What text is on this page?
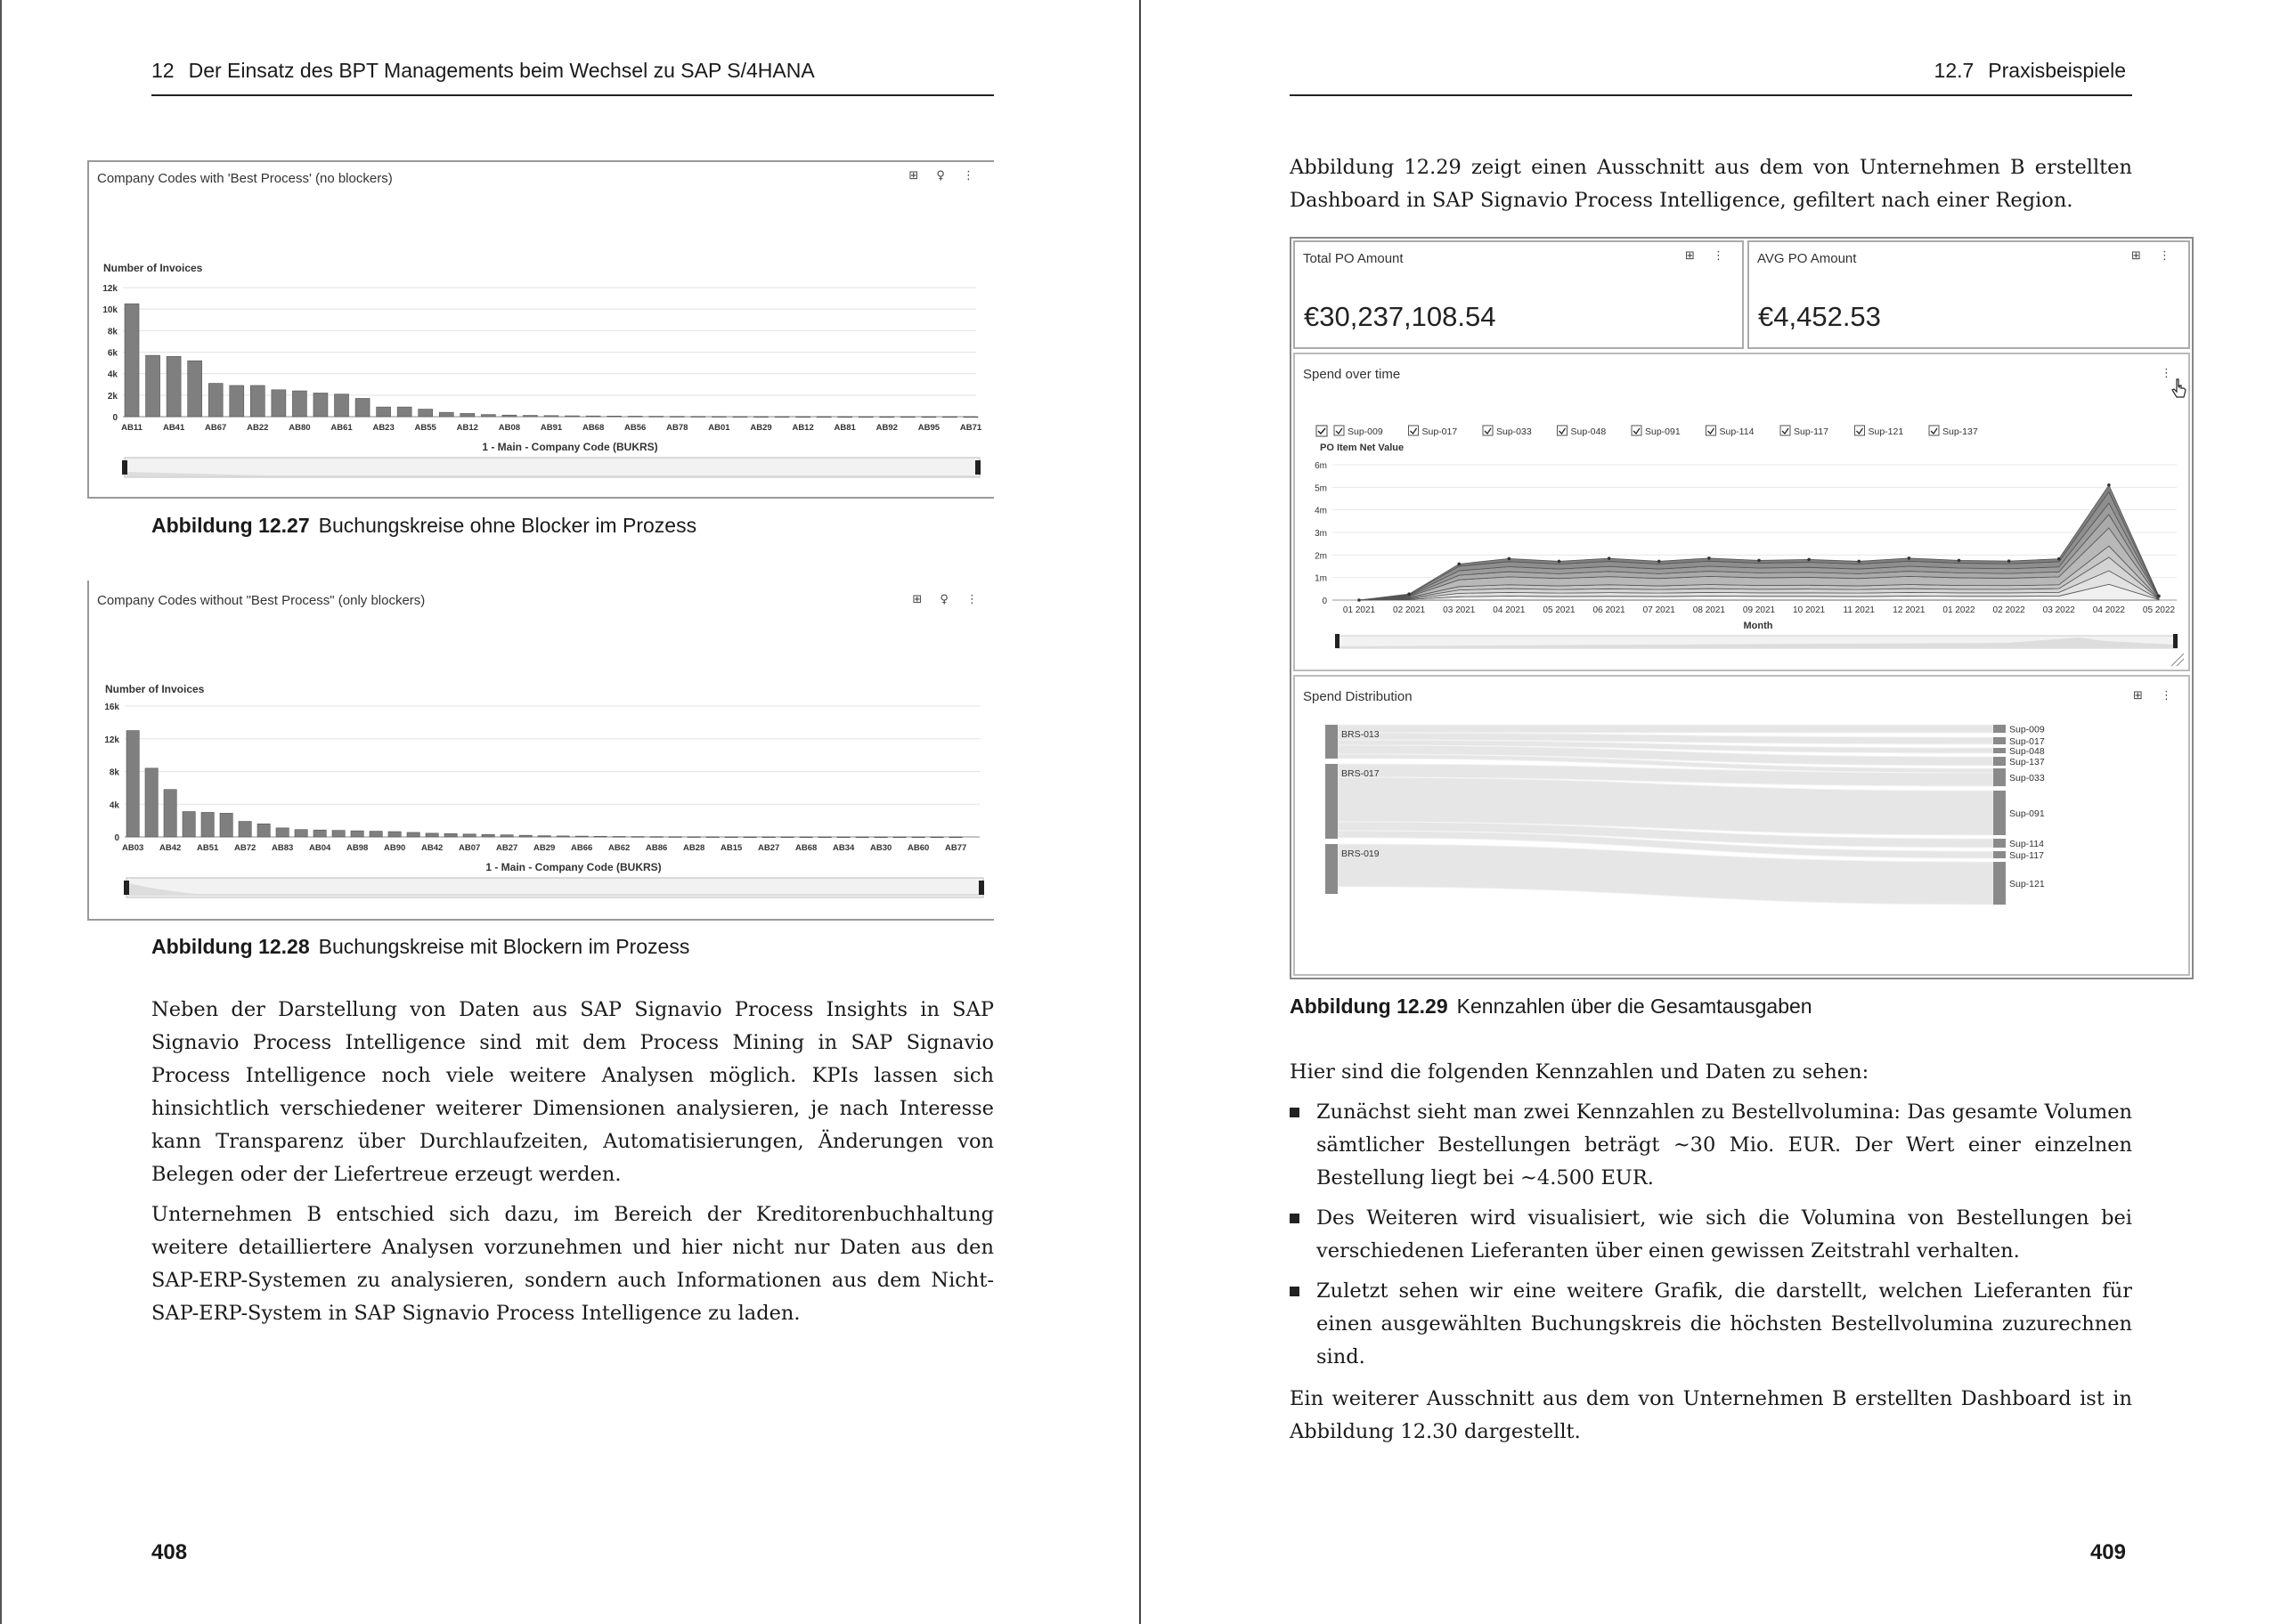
12 Der Einsatz des BPT Managements beim Wechsel zu SAP S/4HANA
Company Codes with 'Best Process' (no blockers)	⊞ ♀ ⋮
Number of Invoices
1 - Main - Company Code (BUKRS)
0
2k
4k
6k
8k
10k
12k
AB11 AB41 AB67 AB22 AB80 AB61 AB23 AB55 AB12 AB08 AB91 AB68 AB56 AB78 AB01 AB29 AB12 AB81 AB92 AB95 AB71
Abbildung 12.27 Buchungskreise ohne Blocker im Prozess
Company Codes without "Best Process" (only blockers)	⊞ ♀ ⋮
Number of Invoices
1 - Main - Company Code (BUKRS)
0
4k
8k
12k
16k
AB03 AB42 AB51 AB72 AB83 AB04 AB98 AB90 AB42 AB07 AB27 AB29 AB66 AB62 AB86 AB28 AB15 AB27 AB68 AB34 AB30 AB60 AB77
Abbildung 12.28 Buchungskreise mit Blockern im Prozess

Neben der Darstellung von Daten aus SAP Signavio Process Insights in SAP Signavio Process Intelligence sind mit dem Process Mining in SAP Signavio Process Intelligence noch viele weitere Analysen möglich. KPIs lassen sich hinsichtlich verschiedener weiterer Dimensionen analysieren, je nach Interesse kann Transparenz über Durchlaufzeiten, Automatisierungen, Änderungen von Belegen oder der Liefertreue erzeugt werden.

Unternehmen B entschied sich dazu, im Bereich der Kreditorenbuchhaltung weitere detailliertere Analysen vorzunehmen und hier nicht nur Daten aus den SAP-ERP-Systemen zu analysieren, sondern auch Informationen aus dem Nicht-SAP-ERP-System in SAP Signavio Process Intelligence zu laden.

408
12.7 Praxisbeispiele

Abbildung 12.29 zeigt einen Ausschnitt aus dem von Unternehmen B erstellten Dashboard in SAP Signavio Process Intelligence, gefiltert nach einer Region.

Total PO Amount	⊞ ⋮
€30,237,108.54
AVG PO Amount	⊞ ⋮
€4,452.53
Spend over time	⋮
Sup-009	Sup-017	Sup-033	Sup-048	Sup-091	Sup-114	Sup-117	Sup-121	Sup-137
PO Item Net Value
0
1m
2m
3m
4m
5m
6m
01 2021 02 2021 03 2021 04 2021 05 2021 06 2021 07 2021 08 2021 09 2021 10 2021 11 2021 12 2021 01 2022 02 2022 03 2022 04 2022 05 2022
Month
Spend Distribution	⊞ ⋮
BRS-013
BRS-017
BRS-019
Sup-009
Sup-017
Sup-048
Sup-137
Sup-033
Sup-091
Sup-114
Sup-117
Sup-121
Abbildung 12.29 Kennzahlen über die Gesamtausgaben

Hier sind die folgenden Kennzahlen und Daten zu sehen:

Zunächst sieht man zwei Kennzahlen zu Bestellvolumina: Das gesamte Volumen sämtlicher Bestellungen beträgt ~30 Mio. EUR. Der Wert einer einzelnen Bestellung liegt bei ~4.500 EUR.
Des Weiteren wird visualisiert, wie sich die Volumina von Bestellungen bei verschiedenen Lieferanten über einen gewissen Zeitstrahl verhalten.
Zuletzt sehen wir eine weitere Grafik, die darstellt, welchen Lieferanten für einen ausgewählten Buchungskreis die höchsten Bestellvolumina zuzurechnen sind.

Ein weiterer Ausschnitt aus dem von Unternehmen B erstellten Dashboard ist in Abbildung 12.30 dargestellt.

409
